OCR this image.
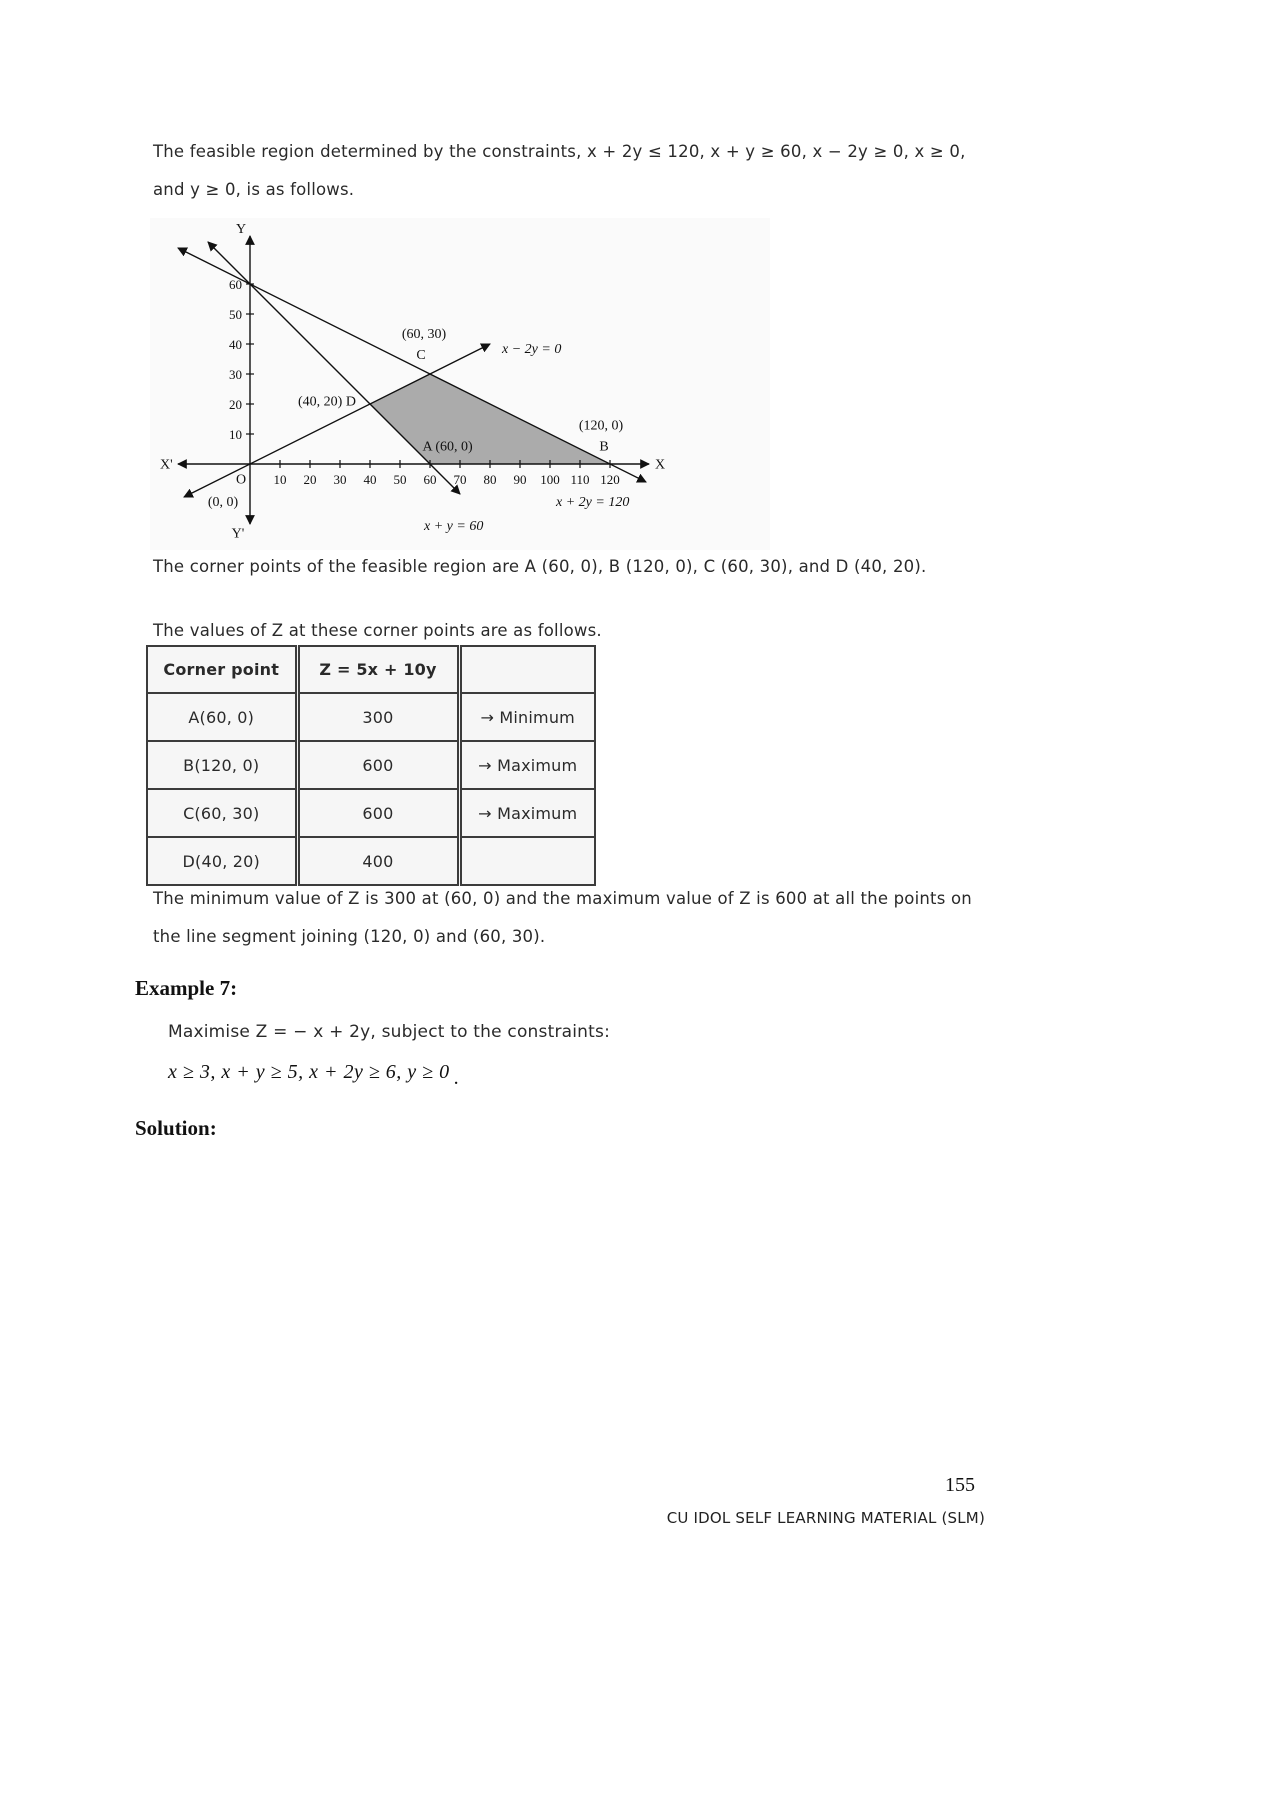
The feasible region determined by the constraints, x + 2y ≤ 120, x + y ≥ 60, x − 2y ≥ 0, x ≥ 0, and y ≥ 0, is as follows.

10 20 30 40 50 60 70 80 90 100 110 120
10
20
30
40
50
60
x − 2y = 0
x + y = 60
x + 2y = 120
(60, 30)
C
(40, 20) D
A (60, 0)
(120, 0)
B
O
(0, 0)
X
X'
Y
Y'

The corner points of the feasible region are A (60, 0), B (120, 0), C (60, 30), and D (40, 20).

The values of Z at these corner points are as follows.

Corner point	Z = 5x + 10y	
A(60, 0)	300	→ Minimum
B(120, 0)	600	→ Maximum
C(60, 30)	600	→ Maximum
D(40, 20)	400	

The minimum value of Z is 300 at (60, 0) and the maximum value of Z is 600 at all the points on the line segment joining (120, 0) and (60, 30).

Example 7:

Maximise Z = − x + 2y, subject to the constraints:

x ≥ 3, x + y ≥ 5, x + 2y ≥ 6, y ≥ 0 .

Solution:
155
CU IDOL SELF LEARNING MATERIAL (SLM)
